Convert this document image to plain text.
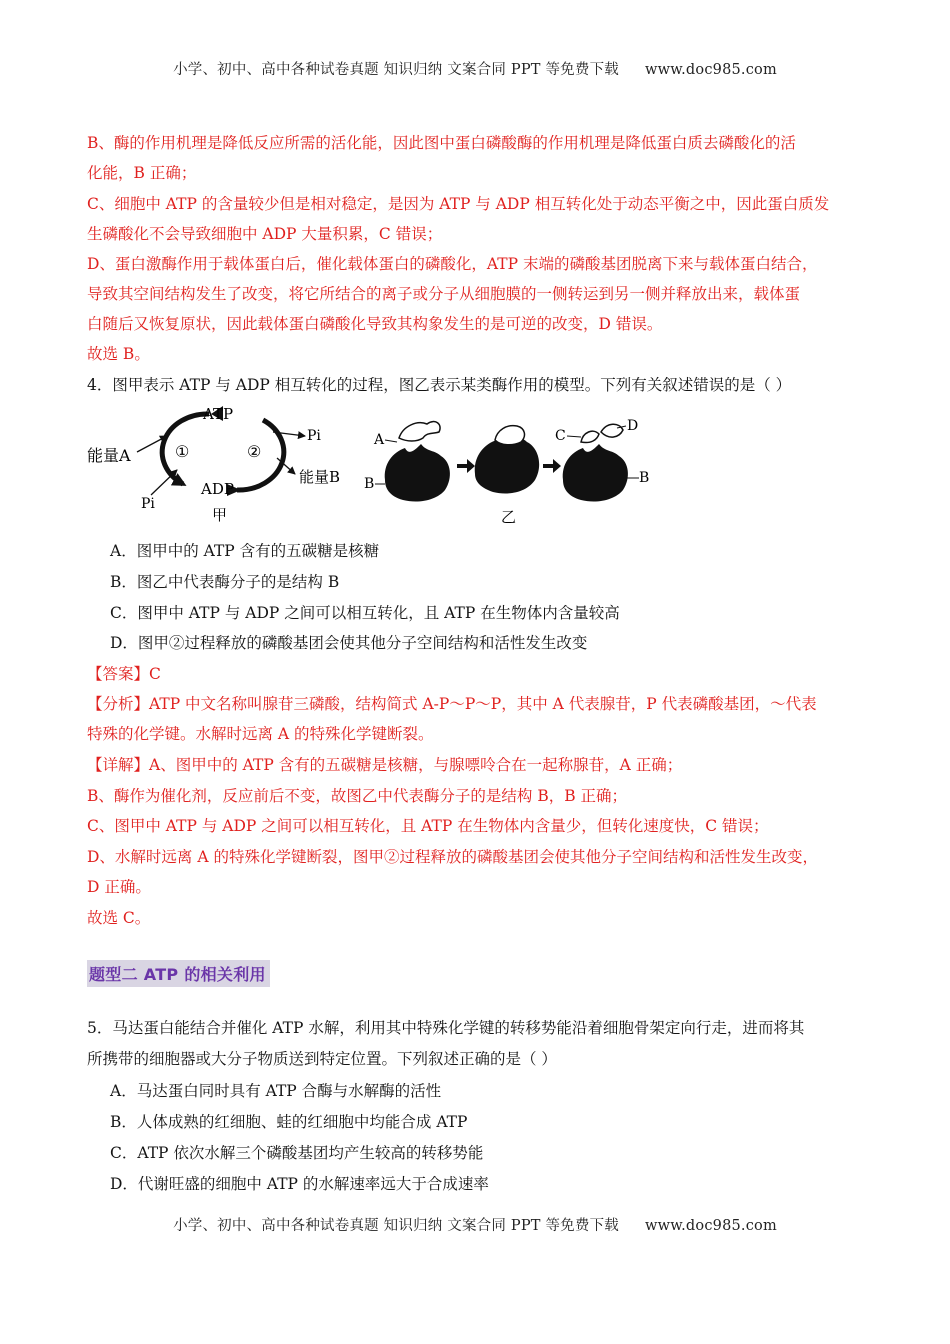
小学、初中、高中各种试卷真题 知识归纳 文案合同 PPT 等免费下载 www.doc985.com
B、酶的作用机理是降低反应所需的活化能，因此图中蛋白磷酸酶的作用机理是降低蛋白质去磷酸化的活
化能，B 正确；
C、细胞中 ATP 的含量较少但是相对稳定，是因为 ATP 与 ADP 相互转化处于动态平衡之中，因此蛋白质发
生磷酸化不会导致细胞中 ADP 大量积累，C 错误；
D、蛋白激酶作用于载体蛋白后，催化载体蛋白的磷酸化，ATP 末端的磷酸基团脱离下来与载体蛋白结合，
导致其空间结构发生了改变，将它所结合的离子或分子从细胞膜的一侧转运到另一侧并释放出来，载体蛋
白随后又恢复原状，因此载体蛋白磷酸化导致其构象发生的是可逆的改变，D 错误。
故选 B。
4．图甲表示 ATP 与 ADP 相互转化的过程，图乙表示某类酶作用的模型。下列有关叙述错误的是（ ）
ATP
ADP
①	②
能量A
Pi
能量B
Pi
甲
A
B
C
D
B
乙
A．图甲中的 ATP 含有的五碳糖是核糖
B．图乙中代表酶分子的是结构 B
C．图甲中 ATP 与 ADP 之间可以相互转化，且 ATP 在生物体内含量较高
D．图甲②过程释放的磷酸基团会使其他分子空间结构和活性发生改变
【答案】C
【分析】ATP 中文名称叫腺苷三磷酸，结构简式 A-P～P～P，其中 A 代表腺苷，P 代表磷酸基团，～代表
特殊的化学键。水解时远离 A 的特殊化学键断裂。
【详解】A、图甲中的 ATP 含有的五碳糖是核糖，与腺嘌呤合在一起称腺苷，A 正确；
B、酶作为催化剂，反应前后不变，故图乙中代表酶分子的是结构 B，B 正确；
C、图甲中 ATP 与 ADP 之间可以相互转化，且 ATP 在生物体内含量少，但转化速度快，C 错误；
D、水解时远离 A 的特殊化学键断裂，图甲②过程释放的磷酸基团会使其他分子空间结构和活性发生改变，
D 正确。
故选 C。
题型二 ATP 的相关利用
5．马达蛋白能结合并催化 ATP 水解，利用其中特殊化学键的转移势能沿着细胞骨架定向行走，进而将其
所携带的细胞器或大分子物质送到特定位置。下列叙述正确的是（ ）
A．马达蛋白同时具有 ATP 合酶与水解酶的活性
B．人体成熟的红细胞、蛙的红细胞中均能合成 ATP
C．ATP 依次水解三个磷酸基团均产生较高的转移势能
D．代谢旺盛的细胞中 ATP 的水解速率远大于合成速率
小学、初中、高中各种试卷真题 知识归纳 文案合同 PPT 等免费下载 www.doc985.com
